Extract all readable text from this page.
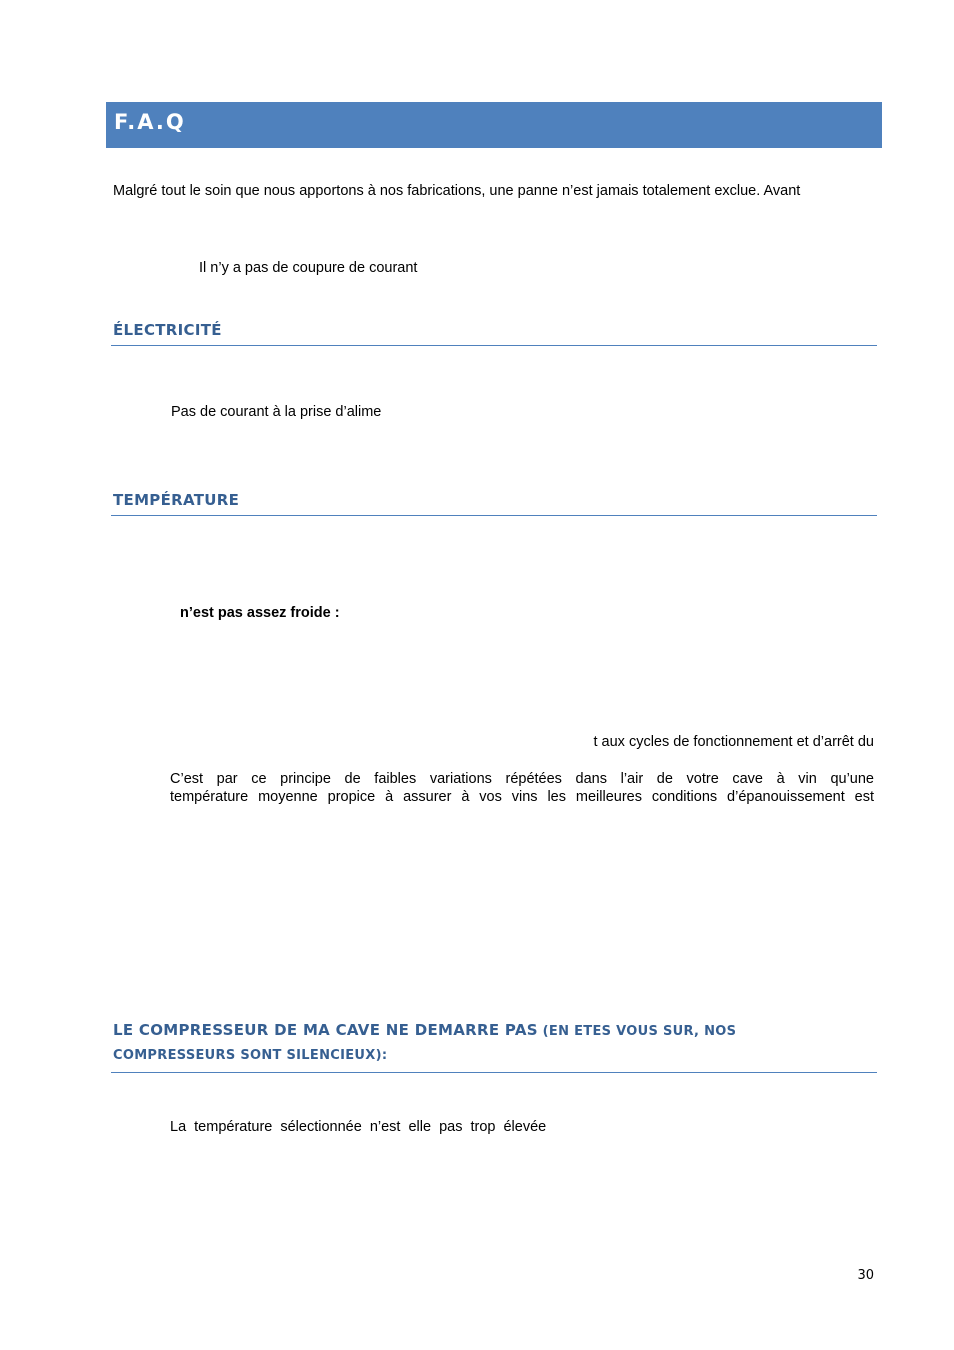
F.A.Q
Malgré tout le soin que nous apportons à nos fabrications, une panne n’est jamais totalement exclue. Avant
Il n’y a pas de coupure de courant
ÉLECTRICITÉ
Pas de courant à la prise d’alime
TEMPÉRATURE
n’est pas assez froide :
t aux cycles de fonctionnement et d’arrêt du
C’est par ce principe de faibles variations répétées dans l’air de votre cave à vin qu’une
température moyenne propice à assurer à vos vins les meilleures conditions d’épanouissement est
LE COMPRESSEUR DE MA CAVE NE DEMARRE PAS (EN ETES VOUS SUR, NOS
COMPRESSEURS SONT SILENCIEUX):
La température sélectionnée n’est elle pas trop élevée
30
